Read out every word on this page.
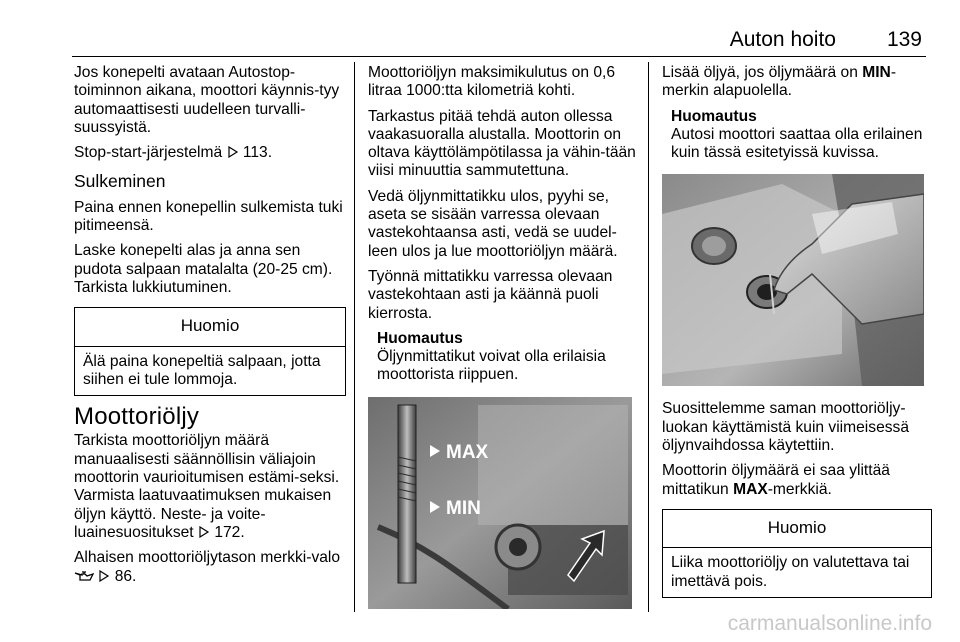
Auton hoito 139

Jos konepelti avataan Autostop-toiminnon aikana, moottori käynnis-tyy automaattisesti uudelleen turvalli-suussyistä.

Stop-start-järjestelmä  113.

Sulkeminen

Paina ennen konepellin sulkemista tuki pitimeensä.

Laske konepelti alas ja anna sen pudota salpaan matalalta (20-25 cm). Tarkista lukkiutuminen.

Huomio
Älä paina konepeltiä salpaan, jotta siihen ei tule lommoja.
Moottoriöljy

Tarkista moottoriöljyn määrä manuaalisesti säännöllisin väliajoin moottorin vaurioitumisen estämi-seksi. Varmista laatuvaatimuksen mukaisen öljyn käyttö. Neste- ja voite-luainesuositukset  172.

Alhaisen moottoriöljytason merkki-valo   86.

Moottoriöljyn maksimikulutus on 0,6 litraa 1000:tta kilometriä kohti.

Tarkastus pitää tehdä auton ollessa vaakasuoralla alustalla. Moottorin on oltava käyttölämpötilassa ja vähin-tään viisi minuuttia sammutettuna.

Vedä öljynmittatikku ulos, pyyhi se, aseta se sisään varressa olevaan vastekohtaansa asti, vedä se uudel-leen ulos ja lue moottoriöljyn määrä.

Työnnä mittatikku varressa olevaan vastekohtaan asti ja käännä puoli kierrosta.

Huomautus
Öljynmittatikut voivat olla erilaisia moottorista riippuen.
MAX
MIN

Lisää öljyä, jos öljymäärä on MIN-merkin alapuolella.

Huomautus
Autosi moottori saattaa olla erilainen kuin tässä esitetyissä kuvissa.

Suosittelemme saman moottoriöljy-luokan käyttämistä kuin viimeisessä öljynvaihdossa käytettiin.

Moottorin öljymäärä ei saa ylittää mittatikun MAX-merkkiä.

Huomio
Liika moottoriöljy on valutettava tai imettävä pois.
carmanualsonline.info
